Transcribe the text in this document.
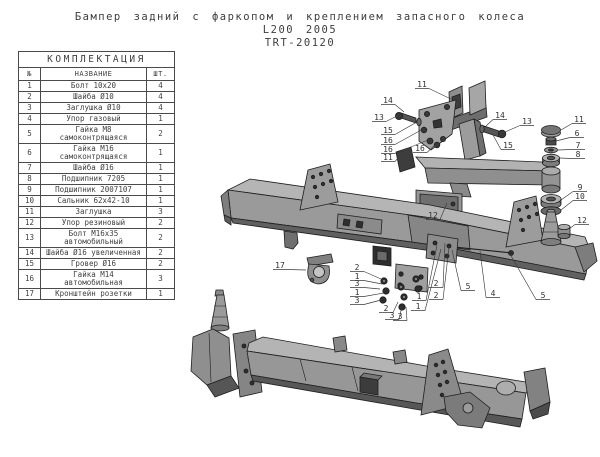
Бампер задний с фаркопом и креплением запасного колеса
L200 2005
TRT-20120
КОМПЛЕКТАЦИЯ		
№	НАЗВАНИЕ	ШТ.
1	Болт 10х20	4
2	Шайба Ø10	4
3	Заглушка Ø10	4
4	Упор газовый	1
5	Гайка М8 самоконтрящаяся	2
6	Гайка М16 самоконтрящаяся	1
7	Шайба Ø16	1
8	Подшипник 7205	1
9	Подшипник 2007107	1
10	Сальник 62х42-10	1
11	Заглушка	3
12	Упор резиновый	2
13	Болт М16х35 автомобильный	2
14	Шайба Ø16 увеличенная	2
15	Гровер Ø16	2
16	Гайка М14 автомобильная	3
17	Кронштейн розетки	1
11
14
13
15
16
16
11
16
12
14
13
15
11
6
7
8
9
10
12
17	2
1
3
1
3
2
3 3
1
1
2
2
5
4	5
